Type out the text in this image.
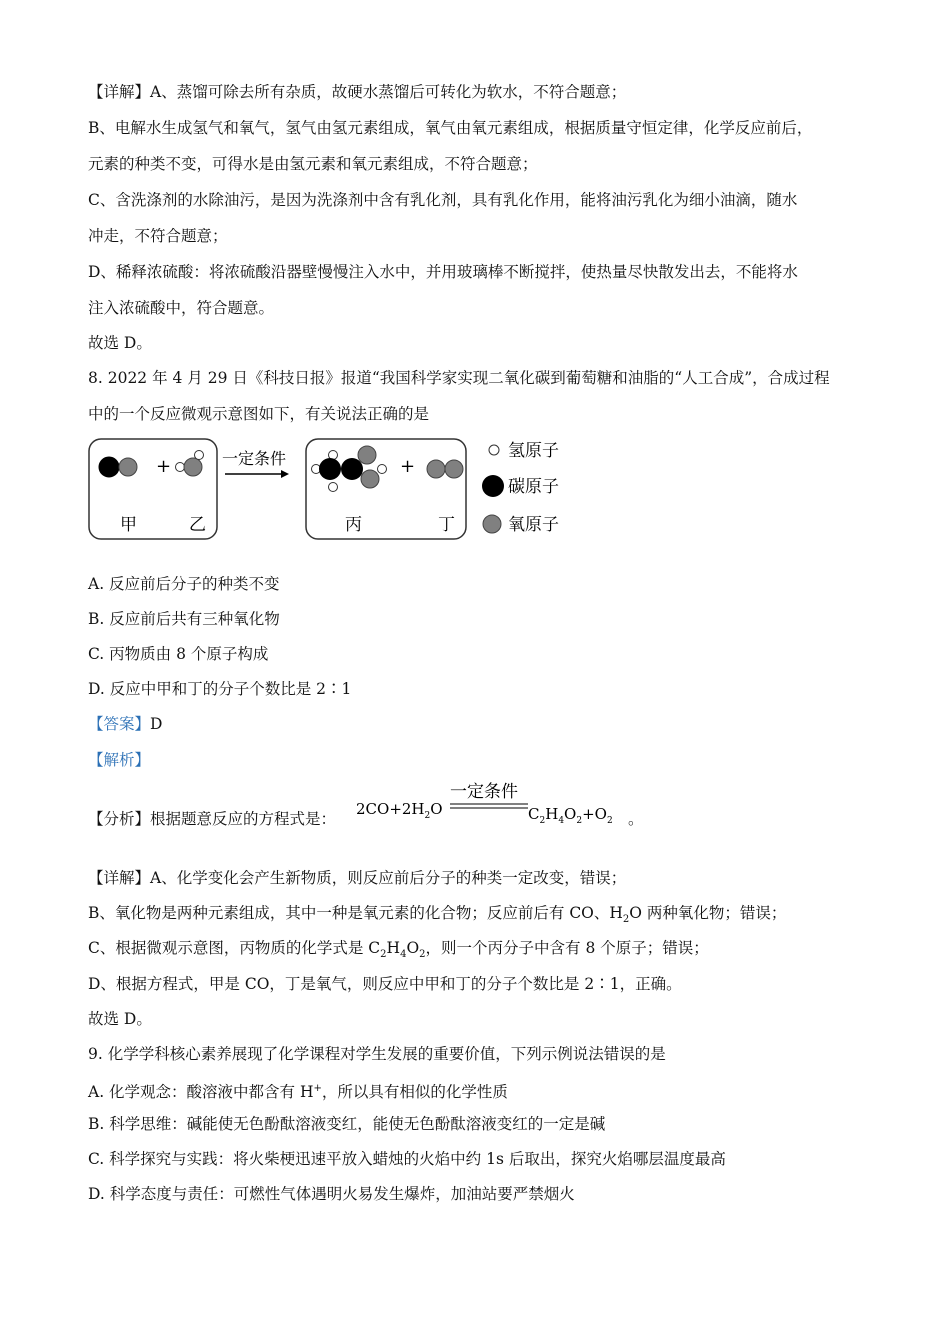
【详解】A、蒸馏可除去所有杂质，故硬水蒸馏后可转化为软水，不符合题意；
B、电解水生成氢气和氧气，氢气由氢元素组成，氧气由氧元素组成，根据质量守恒定律，化学反应前后，
元素的种类不变，可得水是由氢元素和氧元素组成，不符合题意；
C、含洗涤剂的水除油污，是因为洗涤剂中含有乳化剂，具有乳化作用，能将油污乳化为细小油滴，随水
冲走，不符合题意；
D、稀释浓硫酸：将浓硫酸沿器壁慢慢注入水中，并用玻璃棒不断搅拌，使热量尽快散发出去，不能将水
注入浓硫酸中，符合题意。
故选 D。
8. 2022 年 4 月 29 日《科技日报》报道“我国科学家实现二氧化碳到葡萄糖和油脂的“人工合成”，合成过程
中的一个反应微观示意图如下，有关说法正确的是
+
甲	乙
一定条件	+
丙	丁
氢原子
碳原子
氧原子
A. 反应前后分子的种类不变
B. 反应前后共有三种氧化物
C. 丙物质由 8 个原子构成
D. 反应中甲和丁的分子个数比是 2∶1
【答案】D
【解析】
【分析】根据题意反应的方程式是：
一定条件
$2CO+2H_2O$	$C_2H_4O_2+O_2$ 。
【详解】A、化学变化会产生新物质，则反应前后分子的种类一定改变，错误；
B、氧化物是两种元素组成，其中一种是氧元素的化合物；反应前后有 CO、$H_2O$ 两种氧化物；错误；
C、根据微观示意图，丙物质的化学式是 $C_2H_4O_2$，则一个丙分子中含有 8 个原子；错误；
D、根据方程式，甲是 CO，丁是氧气，则反应中甲和丁的分子个数比是 2∶1，正确。
故选 D。
9. 化学学科核心素养展现了化学课程对学生发展的重要价值，下列示例说法错误的是
A. 化学观念：酸溶液中都含有 H+，所以具有相似的化学性质
B. 科学思维：碱能使无色酚酞溶液变红，能使无色酚酞溶液变红的一定是碱
C. 科学探究与实践：将火柴梗迅速平放入蜡烛的火焰中约 1s 后取出，探究火焰哪层温度最高
D. 科学态度与责任：可燃性气体遇明火易发生爆炸，加油站要严禁烟火
